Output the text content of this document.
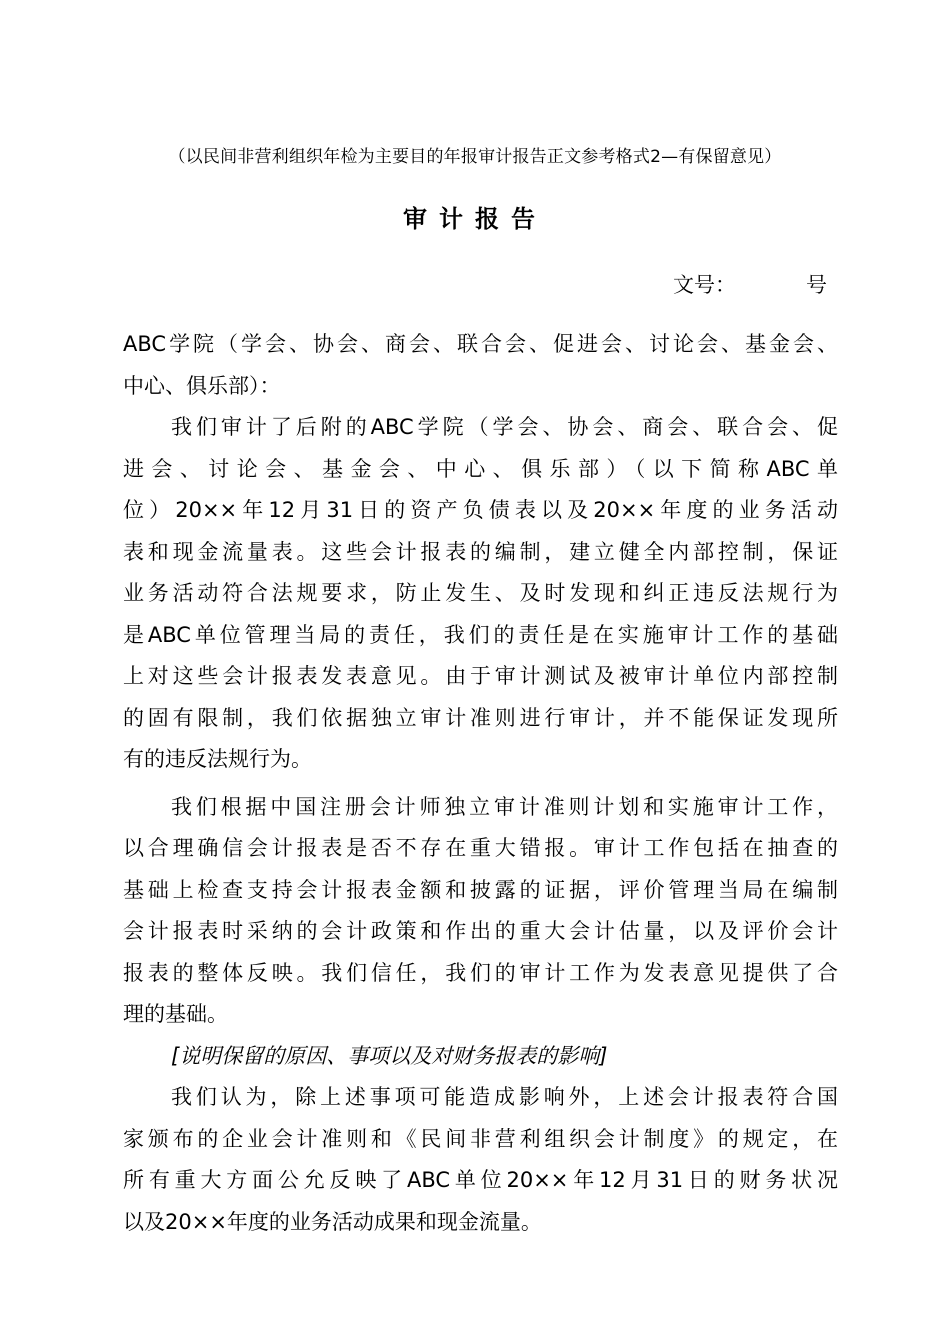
（以民间非营利组织年检为主要目的年报审计报告正文参考格式2—有保留意见）
审计报告
文号：	号
ABC学院（学会、协会、商会、联合会、促进会、讨论会、基金会、
中心、俱乐部）：
我们审计了后附的ABC学院（学会、协会、商会、联合会、促
进会、讨论会、基金会、中心、俱乐部）（以下简称ABC单
位）20××年12月31日的资产负债表以及20××年度的业务活动
表和现金流量表。这些会计报表的编制，建立健全内部控制，保证
业务活动符合法规要求，防止发生、及时发现和纠正违反法规行为
是ABC单位管理当局的责任，我们的责任是在实施审计工作的基础
上对这些会计报表发表意见。由于审计测试及被审计单位内部控制
的固有限制，我们依据独立审计准则进行审计，并不能保证发现所
有的违反法规行为。
我们根据中国注册会计师独立审计准则计划和实施审计工作，
以合理确信会计报表是否不存在重大错报。审计工作包括在抽查的
基础上检查支持会计报表金额和披露的证据，评价管理当局在编制
会计报表时采纳的会计政策和作出的重大会计估量，以及评价会计
报表的整体反映。我们信任，我们的审计工作为发表意见提供了合
理的基础。
[说明保留的原因、事项以及对财务报表的影响]
我们认为，除上述事项可能造成影响外，上述会计报表符合国
家颁布的企业会计准则和《民间非营利组织会计制度》的规定，在
所有重大方面公允反映了ABC单位20××年12月31日的财务状况
以及20××年度的业务活动成果和现金流量。
